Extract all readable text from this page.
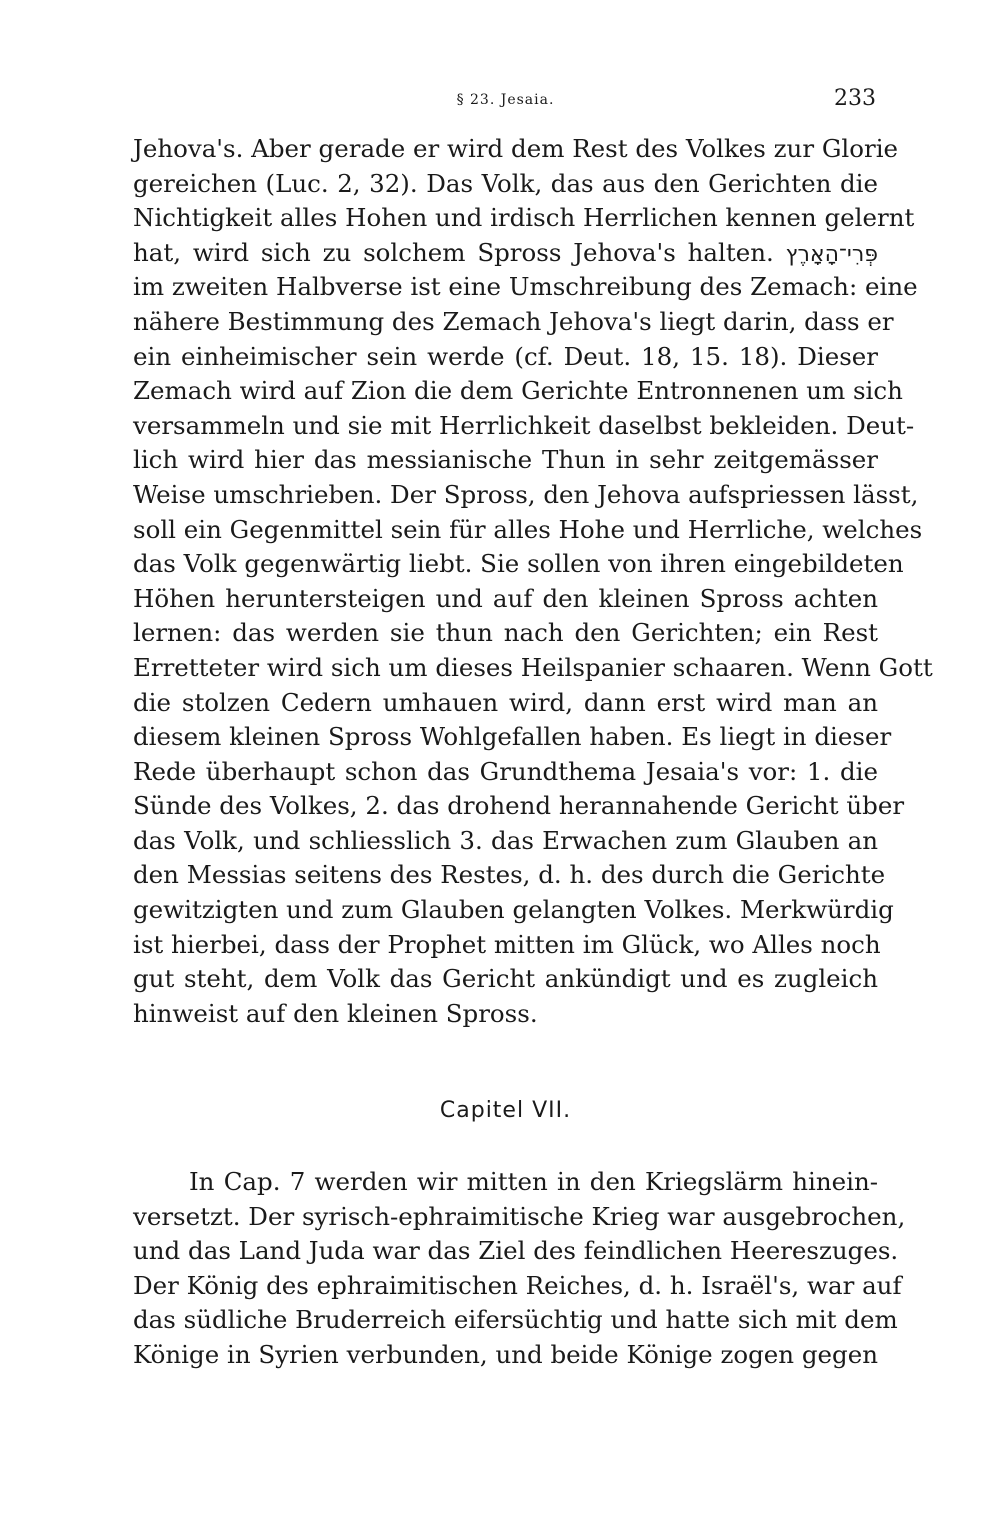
§ 23. Jesaia.	233
Jehova's. Aber gerade er wird dem Rest des Volkes zur Glorie
gereichen (Luc. 2, 32). Das Volk, das aus den Gerichten die
Nichtigkeit alles Hohen und irdisch Herrlichen kennen gelernt
hat, wird sich zu solchem Spross Jehova's halten. פְּרִי־הָאָרֶץ
im zweiten Halbverse ist eine Umschreibung des Zemach: eine
nähere Bestimmung des Zemach Jehova's liegt darin, dass er
ein einheimischer sein werde (cf. Deut. 18, 15. 18). Dieser
Zemach wird auf Zion die dem Gerichte Entronnenen um sich
versammeln und sie mit Herrlichkeit daselbst bekleiden. Deut-
lich wird hier das messianische Thun in sehr zeitgemässer
Weise umschrieben. Der Spross, den Jehova aufspriessen lässt,
soll ein Gegenmittel sein für alles Hohe und Herrliche, welches
das Volk gegenwärtig liebt. Sie sollen von ihren eingebildeten
Höhen heruntersteigen und auf den kleinen Spross achten
lernen: das werden sie thun nach den Gerichten; ein Rest
Erretteter wird sich um dieses Heilspanier schaaren. Wenn Gott
die stolzen Cedern umhauen wird, dann erst wird man an
diesem kleinen Spross Wohlgefallen haben. Es liegt in dieser
Rede überhaupt schon das Grundthema Jesaia's vor: 1. die
Sünde des Volkes, 2. das drohend herannahende Gericht über
das Volk, und schliesslich 3. das Erwachen zum Glauben an
den Messias seitens des Restes, d. h. des durch die Gerichte
gewitzigten und zum Glauben gelangten Volkes. Merkwürdig
ist hierbei, dass der Prophet mitten im Glück, wo Alles noch
gut steht, dem Volk das Gericht ankündigt und es zugleich
hinweist auf den kleinen Spross.
Capitel VII.
In Cap. 7 werden wir mitten in den Kriegslärm hinein-
versetzt. Der syrisch-ephraimitische Krieg war ausgebrochen,
und das Land Juda war das Ziel des feindlichen Heereszuges.
Der König des ephraimitischen Reiches, d. h. Israël's, war auf
das südliche Bruderreich eifersüchtig und hatte sich mit dem
Könige in Syrien verbunden, und beide Könige zogen gegen
